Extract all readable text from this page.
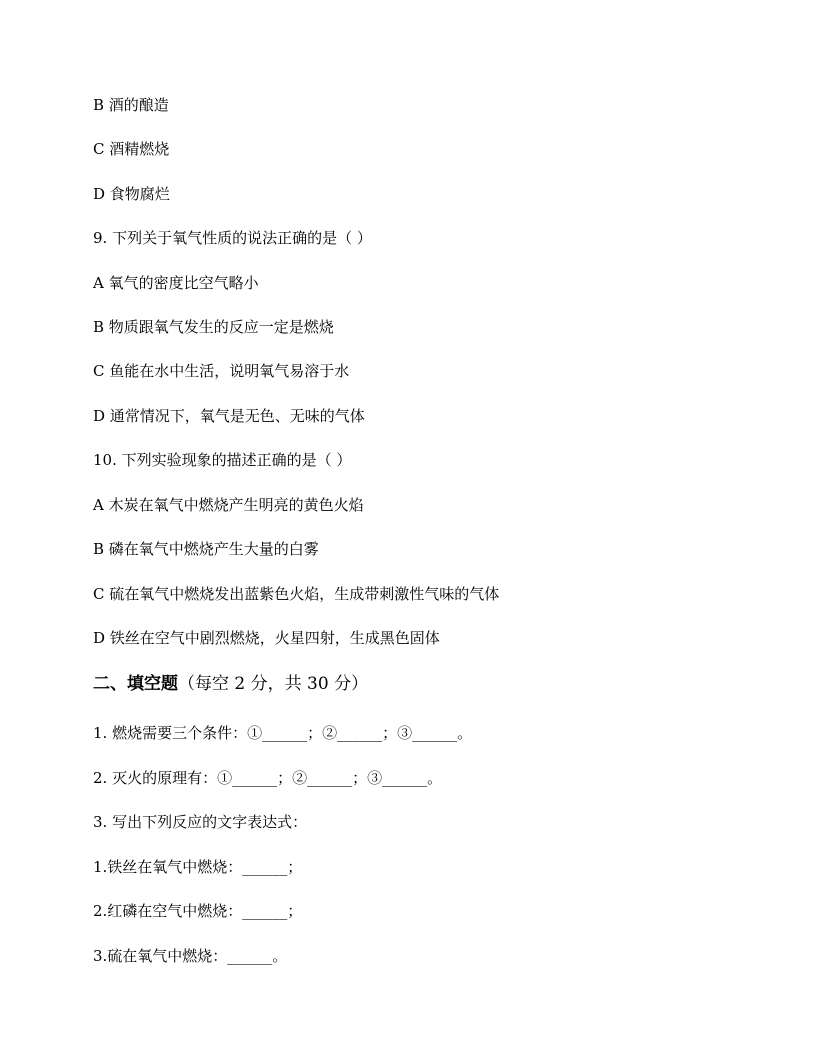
B 酒的酿造
C 酒精燃烧
D 食物腐烂
9. 下列关于氧气性质的说法正确的是（ ）
A 氧气的密度比空气略小
B 物质跟氧气发生的反应一定是燃烧
C 鱼能在水中生活，说明氧气易溶于水
D 通常情况下，氧气是无色、无味的气体
10. 下列实验现象的描述正确的是（ ）
A 木炭在氧气中燃烧产生明亮的黄色火焰
B 磷在氧气中燃烧产生大量的白雾
C 硫在氧气中燃烧发出蓝紫色火焰，生成带刺激性气味的气体
D 铁丝在空气中剧烈燃烧，火星四射，生成黑色固体
二、填空题（每空 2 分，共 30 分）
1. 燃烧需要三个条件：①______；②______；③______。
2. 灭火的原理有：①______；②______；③______。
3. 写出下列反应的文字表达式：
1.铁丝在氧气中燃烧：______；
2.红磷在空气中燃烧：______；
3.硫在氧气中燃烧：______。
